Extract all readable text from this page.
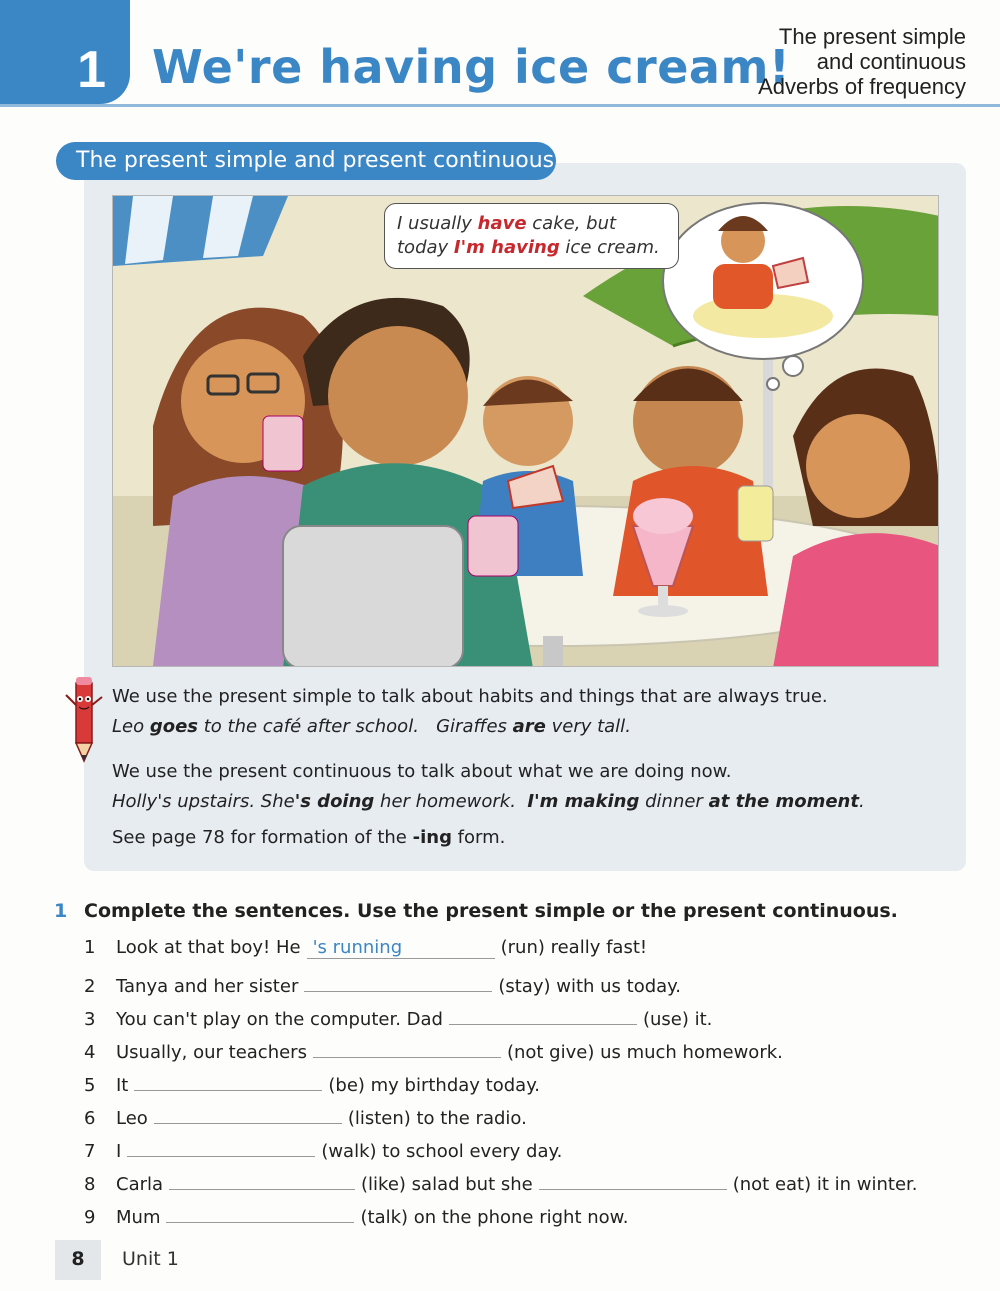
1	We're having ice cream!
The present simple
and continuous
Adverbs of frequency
The present simple and present continuous
I usually have cake, but
today I'm having ice cream.
We use the present simple to talk about habits and things that are always true.
Leo goes to the café after school. Giraffes are very tall.
We use the present continuous to talk about what we are doing now.
Holly's upstairs. She's doing her homework. I'm making dinner at the moment.
See page 78 for formation of the -ing form.
1 Complete the sentences. Use the present simple or the present continuous.
1	Look at that boy! He 's running	(run) really fast!
2	Tanya and her sister	(stay) with us today.
3	You can't play on the computer. Dad	(use) it.
4	Usually, our teachers	(not give) us much homework.
5	It	(be) my birthday today.
6	Leo	(listen) to the radio.
7	I	(walk) to school every day.
8	Carla	(like) salad but she	(not eat) it in winter.
9	Mum	(talk) on the phone right now.
8	Unit 1
